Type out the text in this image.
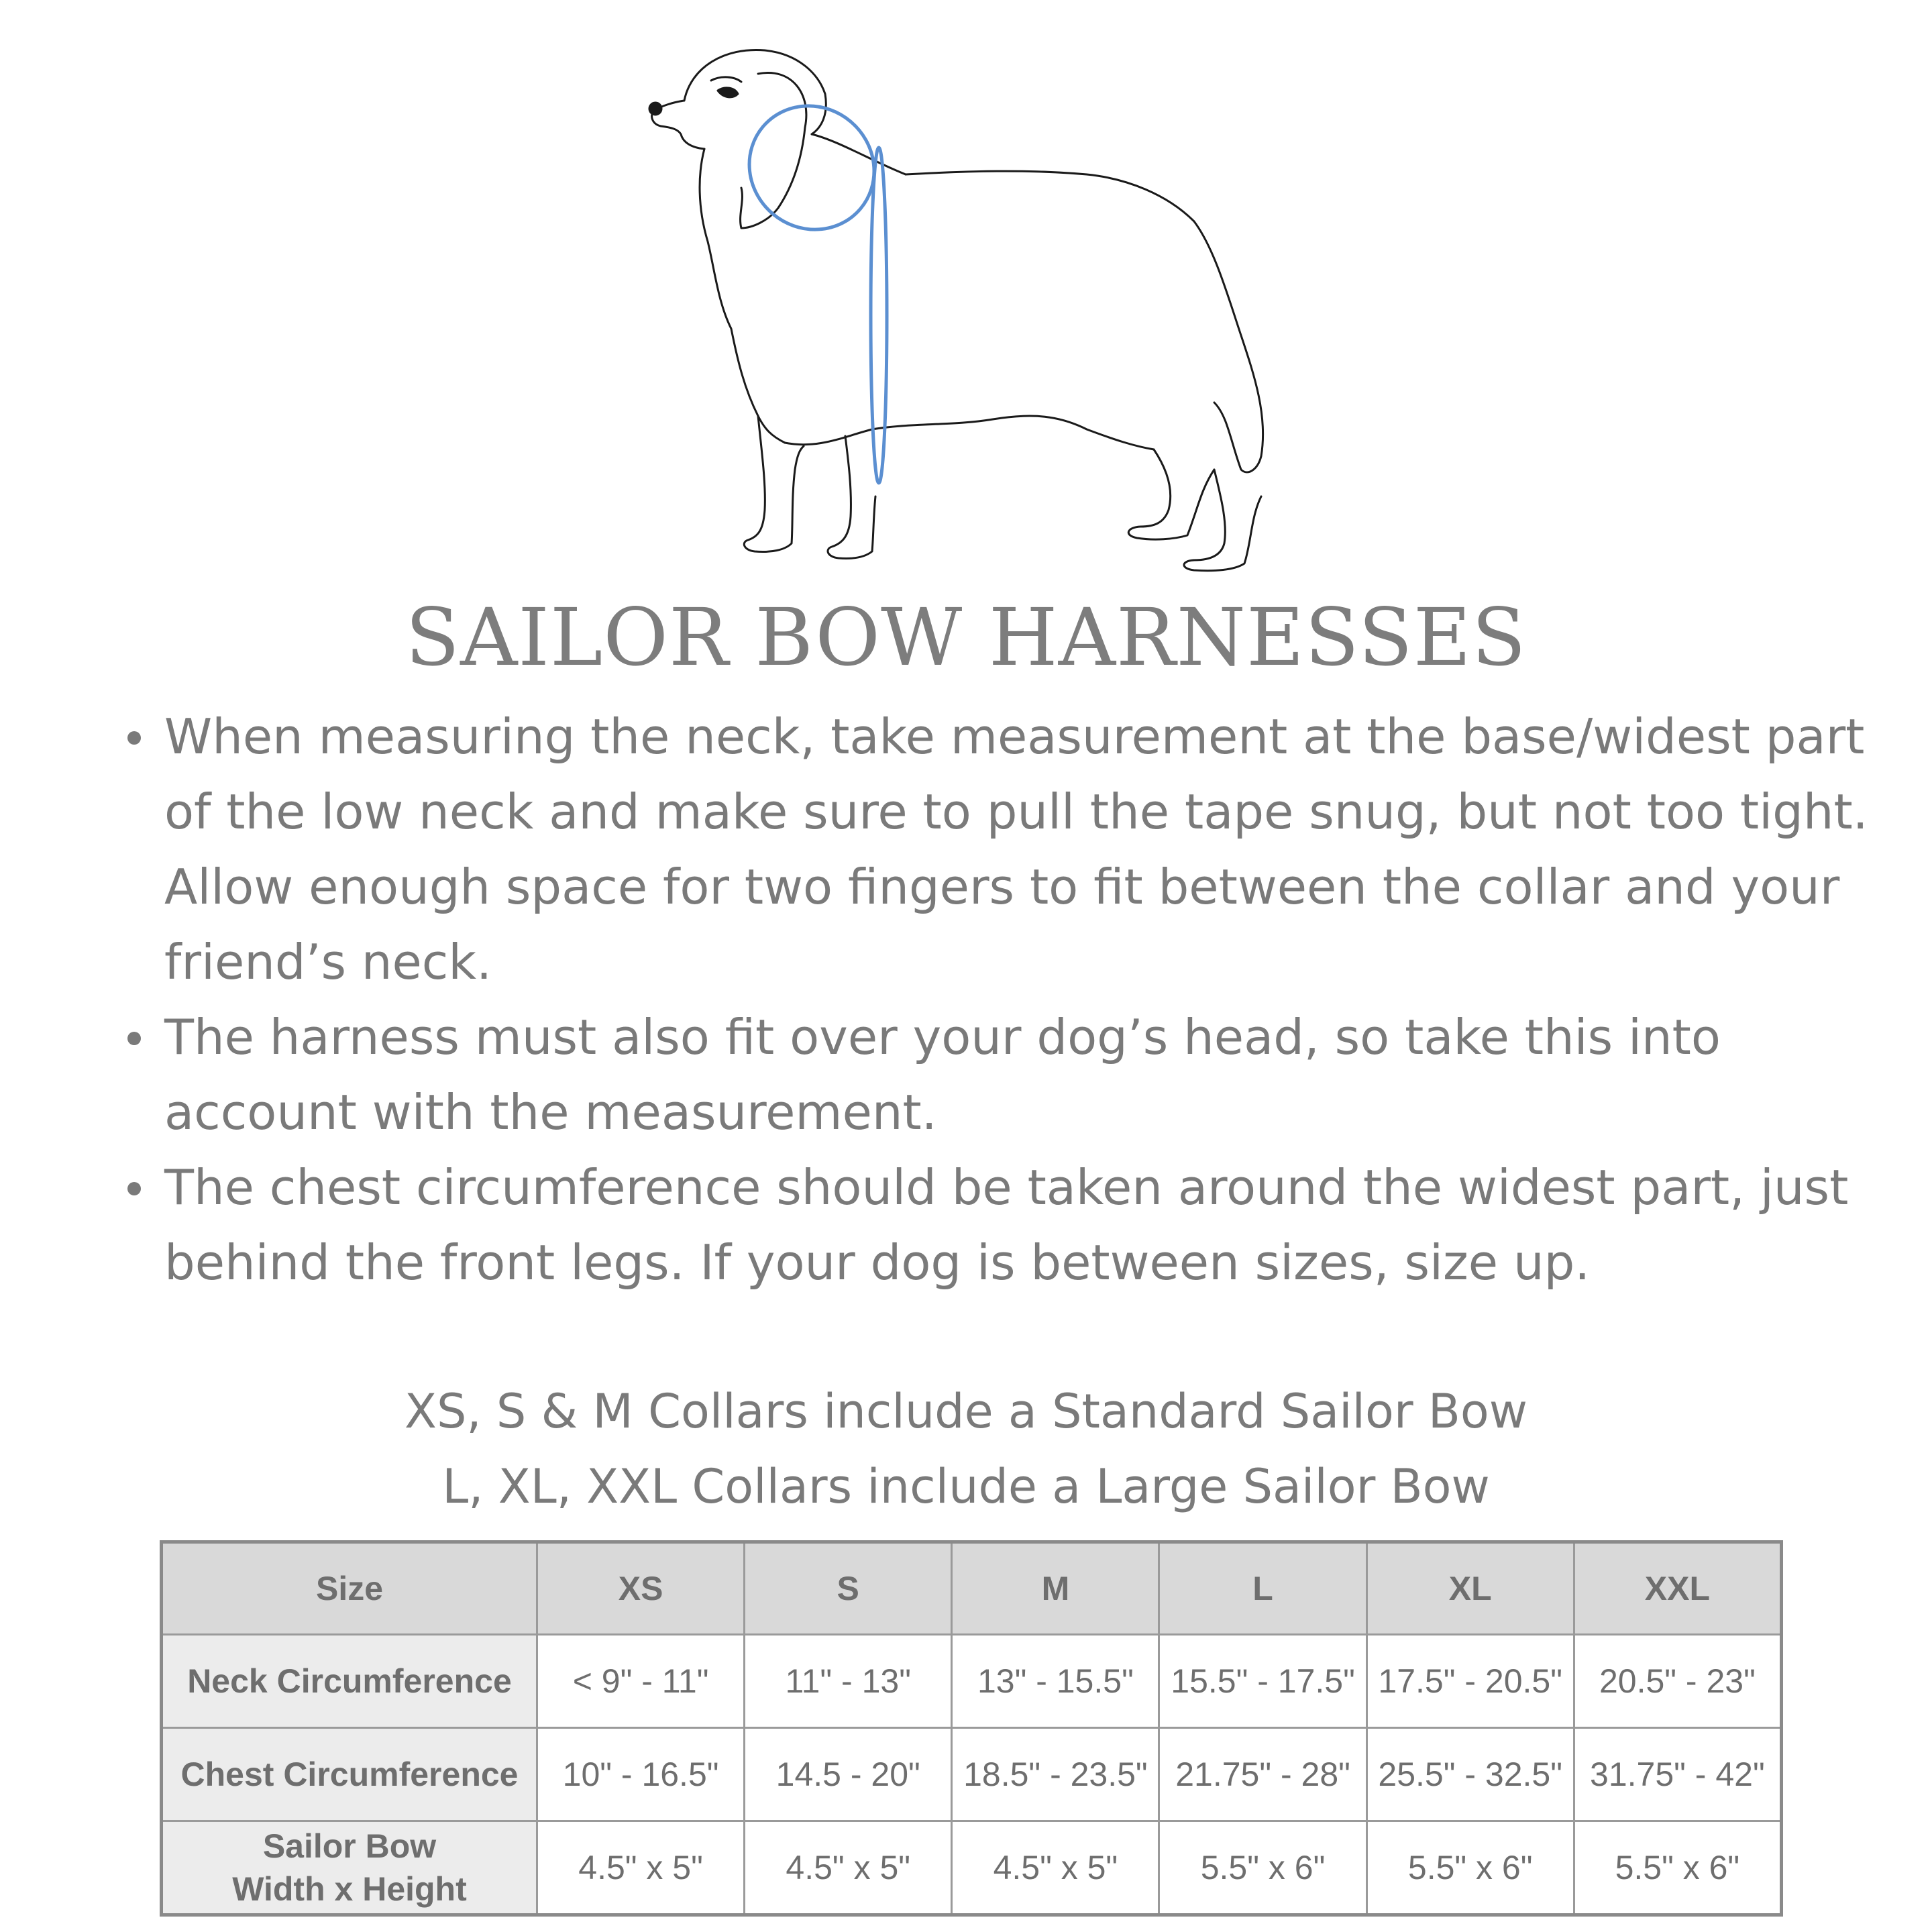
SAILOR BOW HARNESSES
When measuring the neck, take measurement at the base/widest part of the low neck and make sure to pull the tape snug, but not too tight. Allow enough space for two fingers to fit between the collar and your friend’s neck.
The harness must also fit over your dog’s head, so take this into account with the measurement.
The chest circumference should be taken around the widest part, just behind the front legs. If your dog is between sizes, size up.
XS, S & M Collars include a Standard Sailor Bow
L, XL, XXL Collars include a Large Sailor Bow
Size	XS	S	M	L	XL	XXL
Neck Circumference	< 9" - 11"	11" - 13"	13" - 15.5"	15.5" - 17.5"	17.5" - 20.5"	20.5" - 23"
Chest Circumference	10" - 16.5"	14.5 - 20"	18.5" - 23.5"	21.75" - 28"	25.5" - 32.5"	31.75" - 42"

Sailor Bow
Width x Height	4.5" x 5"	4.5" x 5"	4.5" x 5"	5.5" x 6"	5.5" x 6"	5.5" x 6"
